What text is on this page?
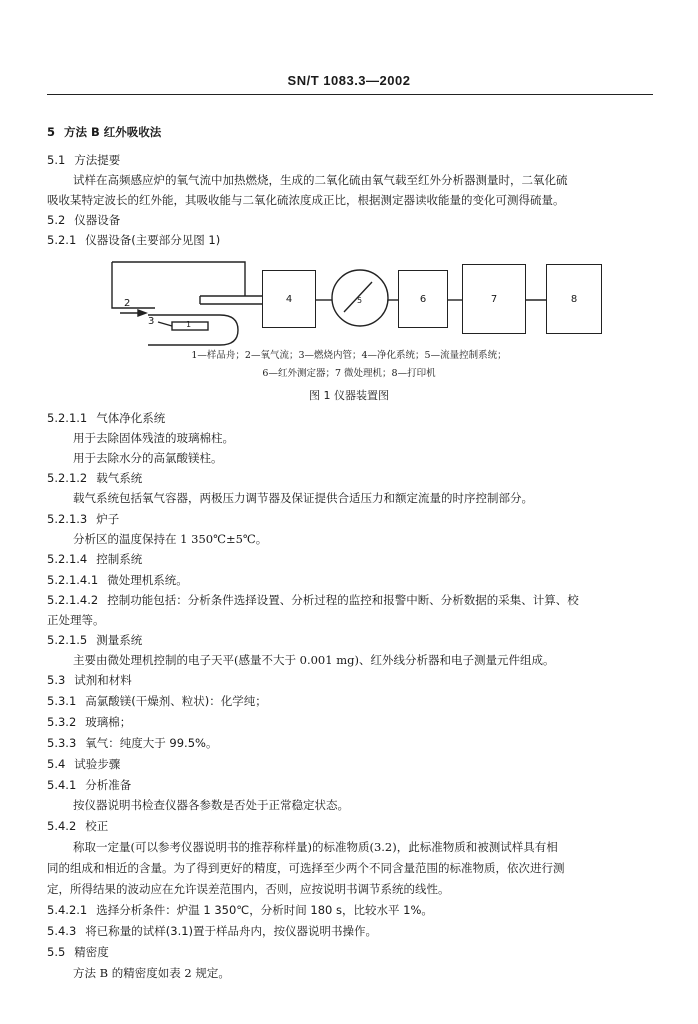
SN/T 1083.3—2002
5 方法 B 红外吸收法
5.1 方法提要
试样在高频感应炉的氧气流中加热燃烧，生成的二氧化硫由氧气载至红外分析器测量时，二氧化硫
吸收某特定波长的红外能，其吸收能与二氧化硫浓度成正比，根据测定器读收能量的变化可测得硫量。
5.2 仪器设备
5.2.1 仪器设备(主要部分见图 1)
4	5	6	7	8
2
3	1
1—样品舟；2—氧气流；3—燃烧内管；4—净化系统；5—流量控制系统；
6—红外测定器；7 微处理机；8—打印机
图 1 仪器装置图
5.2.1.1 气体净化系统
用于去除固体残渣的玻璃棉柱。
用于去除水分的高氯酸镁柱。
5.2.1.2 载气系统
载气系统包括氧气容器，两极压力调节器及保证提供合适压力和额定流量的时序控制部分。
5.2.1.3 炉子
分析区的温度保持在 1 350℃±5℃。
5.2.1.4 控制系统
5.2.1.4.1 微处理机系统。
5.2.1.4.2 控制功能包括：分析条件选择设置、分析过程的监控和报警中断、分析数据的采集、计算、校
正处理等。
5.2.1.5 测量系统
主要由微处理机控制的电子天平(感量不大于 0.001 mg)、红外线分析器和电子测量元件组成。
5.3 试剂和材料
5.3.1 高氯酸镁(干燥剂、粒状)：化学纯；
5.3.2 玻璃棉；
5.3.3 氧气：纯度大于 99.5%。
5.4 试验步骤
5.4.1 分析准备
按仪器说明书检查仪器各参数是否处于正常稳定状态。
5.4.2 校正
称取一定量(可以参考仪器说明书的推荐称样量)的标准物质(3.2)，此标准物质和被测试样具有相
同的组成和相近的含量。为了得到更好的精度，可选择至少两个不同含量范围的标准物质，依次进行测
定，所得结果的波动应在允许误差范围内，否则，应按说明书调节系统的线性。
5.4.2.1 选择分析条件：炉温 1 350℃，分析时间 180 s，比较水平 1%。
5.4.3 将已称量的试样(3.1)置于样品舟内，按仪器说明书操作。
5.5 精密度
方法 B 的精密度如表 2 规定。
